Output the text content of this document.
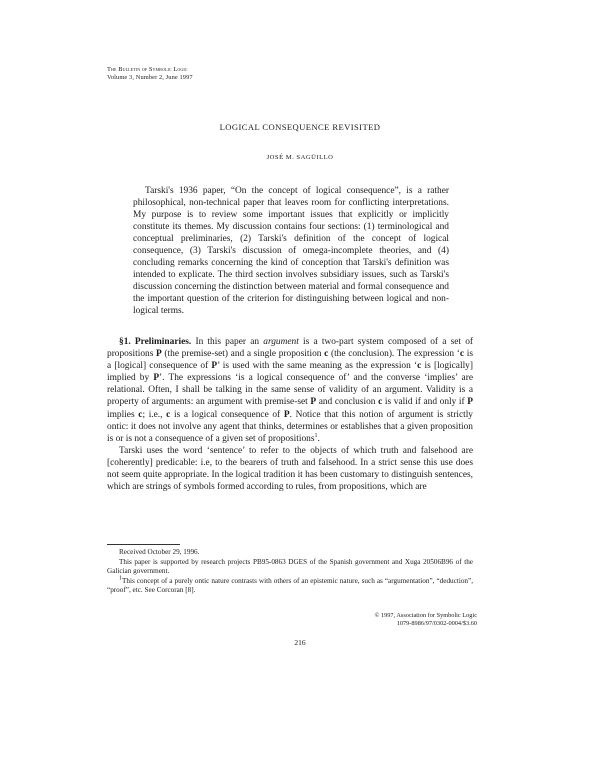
The Bulletin of Symbolic Logic
Volume 3, Number 2, June 1997
LOGICAL CONSEQUENCE REVISITED
JOSÉ M. SAGÜILLO

Tarski's 1936 paper, “On the concept of logical consequence”, is a rather philosophical, non-technical paper that leaves room for conflicting interpretations. My purpose is to review some important issues that explicitly or implicitly constitute its themes. My discussion contains four sections: (1) terminological and conceptual preliminaries, (2) Tarski's definition of the concept of logical consequence, (3) Tarski's discussion of omega-incomplete theories, and (4) concluding remarks concerning the kind of conception that Tarski's definition was intended to explicate. The third section involves subsidiary issues, such as Tarski's discussion concerning the distinction between material and formal consequence and the important question of the criterion for distinguishing between logical and non-logical terms.

§1. Preliminaries. In this paper an argument is a two-part system composed of a set of propositions P (the premise-set) and a single proposition c (the conclusion). The expression ‘c is a [logical] consequence of P’ is used with the same meaning as the expression ‘c is [logically] implied by P’. The expressions ‘is a logical consequence of’ and the converse ‘implies’ are relational. Often, I shall be talking in the same sense of validity of an argument. Validity is a property of arguments: an argument with premise-set P and conclusion c is valid if and only if P implies c; i.e., c is a logical consequence of P. Notice that this notion of argument is strictly ontic: it does not involve any agent that thinks, determines or establishes that a given proposition is or is not a consequence of a given set of propositions$^1$.

Tarski uses the word ‘sentence’ to refer to the objects of which truth and falsehood are [coherently] predicable: i.e, to the bearers of truth and falsehood. In a strict sense this use does not seem quite appropriate. In the logical tradition it has been customary to distinguish sentences, which are strings of symbols formed according to rules, from propositions, which are

Received October 29, 1996.

This paper is supported by research projects PB95-0863 DGES of the Spanish government and Xuga 20506B96 of the Galician government.

$^1$This concept of a purely ontic nature contrasts with others of an epistemic nature, such as “argumentation”, “deduction”, “proof”, etc. See Corcoran [8].

© 1997, Association for Symbolic Logic
1079-8986/97/0302-0004/$3.60
216
